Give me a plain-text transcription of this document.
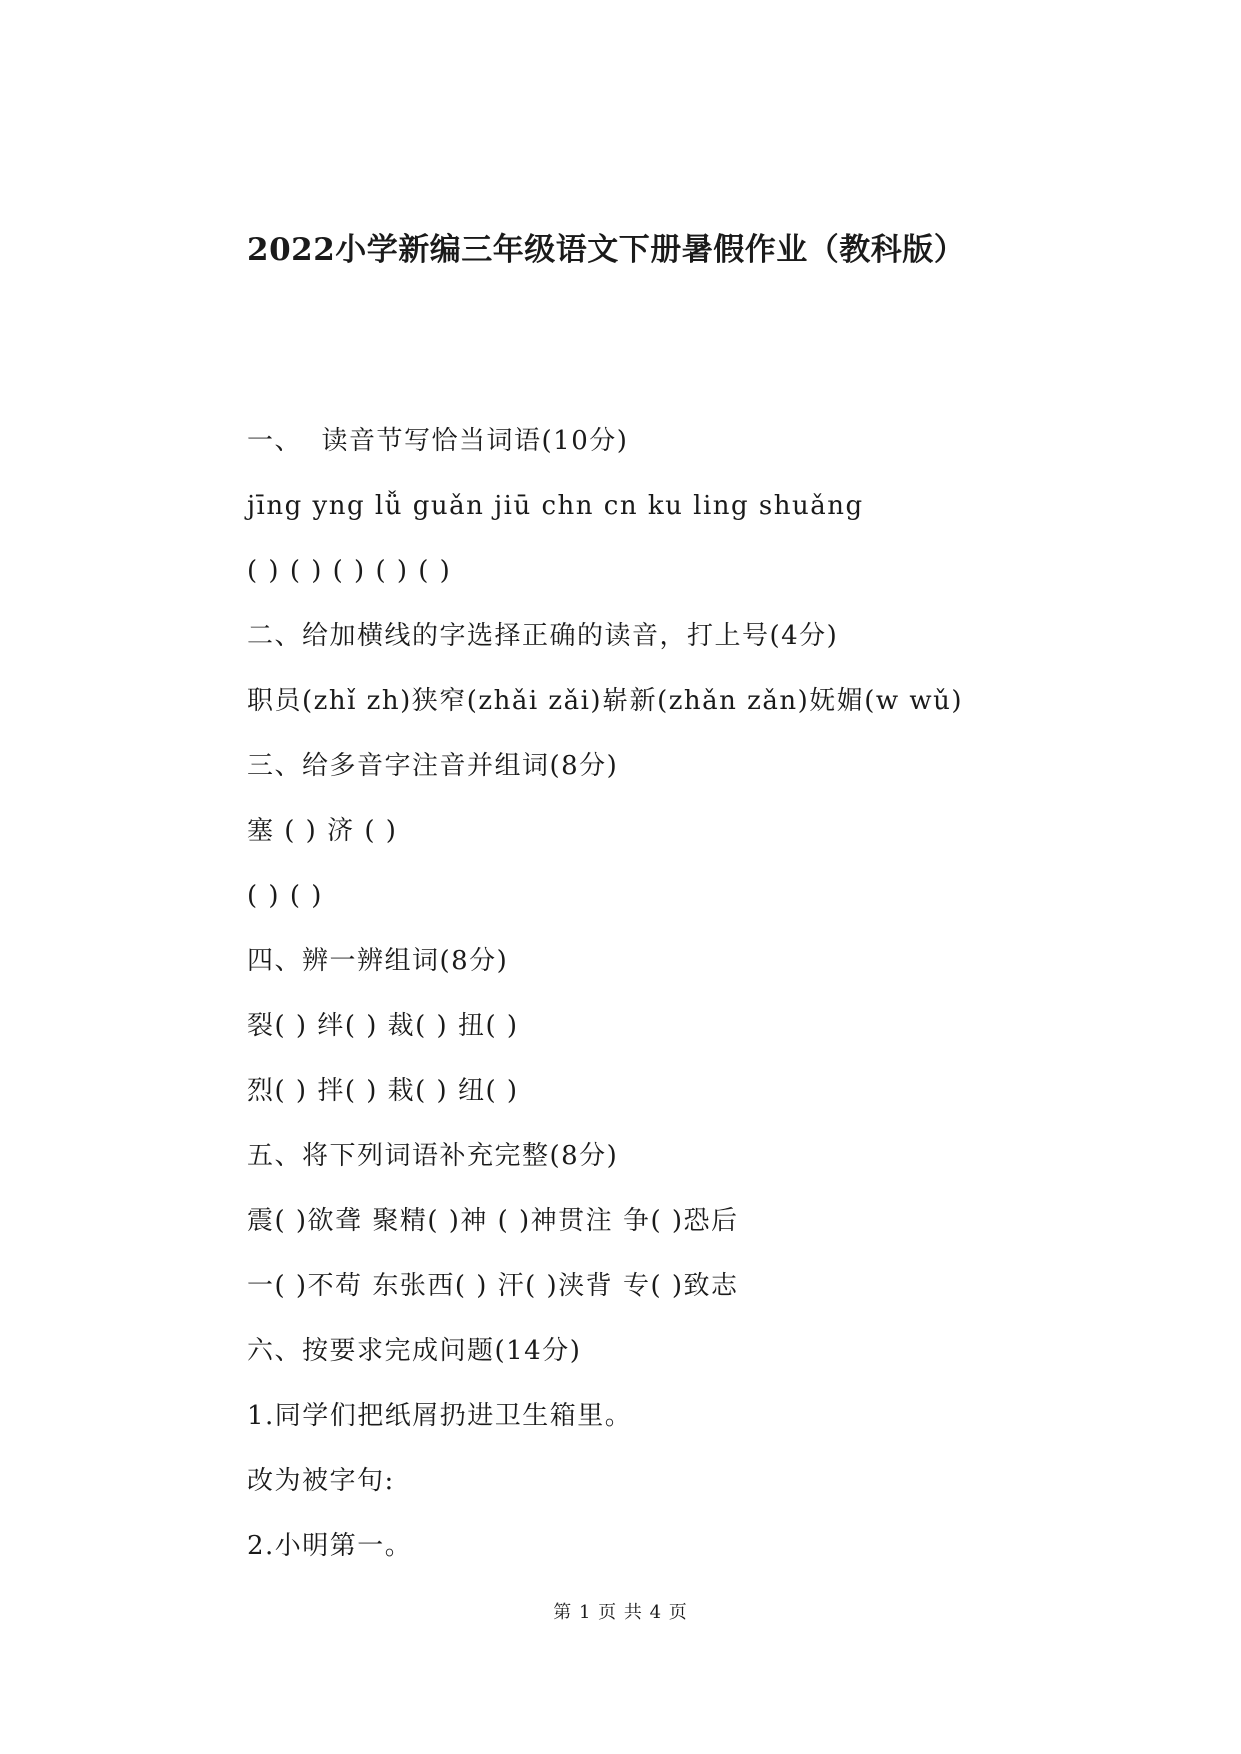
2022小学新编三年级语文下册暑假作业（教科版）
一、  读音节写恰当词语(10分)
jīng yng lǚ guǎn jiū chn cn ku ling shuǎng
( ) ( ) ( ) ( ) ( )
二、给加横线的字选择正确的读音，打上号(4分)
职员(zhǐ zh)狭窄(zhǎi zǎi)崭新(zhǎn zǎn)妩媚(w wǔ)
三、给多音字注音并组词(8分)
塞 ( ) 济 ( )
( ) ( )
四、辨一辨组词(8分)
裂( ) 绊( ) 裁( ) 扭( )
烈( ) 拌( ) 栽( ) 纽( )
五、将下列词语补充完整(8分)
震( )欲聋 聚精( )神 ( )神贯注 争( )恐后
一( )不苟 东张西( ) 汗( )浃背 专( )致志
六、按要求完成问题(14分)
1.同学们把纸屑扔进卫生箱里。
改为被字句:
2.小明第一。
第 1 页 共 4 页
